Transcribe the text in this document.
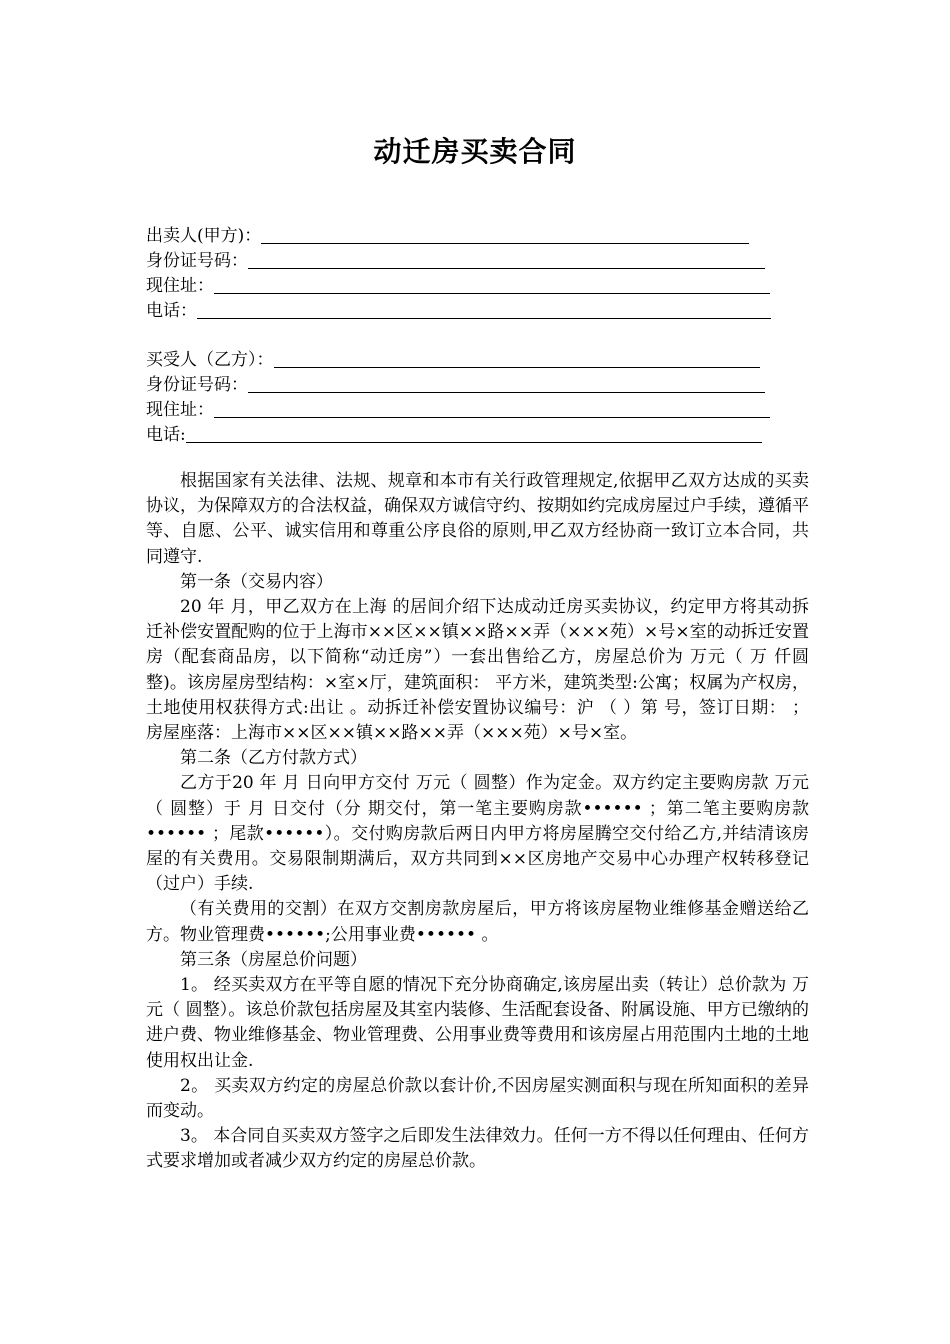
动迁房买卖合同
出卖人(甲方)：
身份证号码：
现住址：
电话：
买受人（乙方）：
身份证号码：
现住址：
电话:

根据国家有关法律、法规、规章和本市有关行政管理规定,依据甲乙双方达成的买卖协议，为保障双方的合法权益，确保双方诚信守约、按期如约完成房屋过户手续，遵循平等、自愿、公平、诚实信用和尊重公序良俗的原则,甲乙双方经协商一致订立本合同，共同遵守.

第一条（交易内容）

20 年 月，甲乙双方在上海 的居间介绍下达成动迁房买卖协议，约定甲方将其动拆迁补偿安置配购的位于上海市××区××镇××路××弄（×××苑）×号×室的动拆迁安置房（配套商品房，以下简称“动迁房”）一套出售给乙方，房屋总价为 万元（ 万 仟圆整)。该房屋房型结构：×室×厅，建筑面积： 平方米，建筑类型:公寓；权属为产权房，土地使用权获得方式:出让 。动拆迁补偿安置协议编号：沪 （ ）第 号，签订日期： ； 房屋座落：上海市××区××镇××路××弄（×××苑）×号×室。

第二条（乙方付款方式）

乙方于20 年 月 日向甲方交付 万元（ 圆整）作为定金。双方约定主要购房款 万元（ 圆整）于 月 日交付（分 期交付，第一笔主要购房款•••••• ；第二笔主要购房款•••••• ；尾款••••••）。交付购房款后两日内甲方将房屋腾空交付给乙方,并结清该房屋的有关费用。交易限制期满后，双方共同到××区房地产交易中心办理产权转移登记（过户）手续.

（有关费用的交割）在双方交割房款房屋后，甲方将该房屋物业维修基金赠送给乙方。物业管理费••••••;公用事业费•••••• 。

第三条（房屋总价问题）

1。 经买卖双方在平等自愿的情况下充分协商确定,该房屋出卖（转让）总价款为 万元（ 圆整）。该总价款包括房屋及其室内装修、生活配套设备、附属设施、甲方已缴纳的进户费、物业维修基金、物业管理费、公用事业费等费用和该房屋占用范围内土地的土地使用权出让金.

2。 买卖双方约定的房屋总价款以套计价,不因房屋实测面积与现在所知面积的差异而变动。

3。 本合同自买卖双方签字之后即发生法律效力。任何一方不得以任何理由、任何方式要求增加或者减少双方约定的房屋总价款。
